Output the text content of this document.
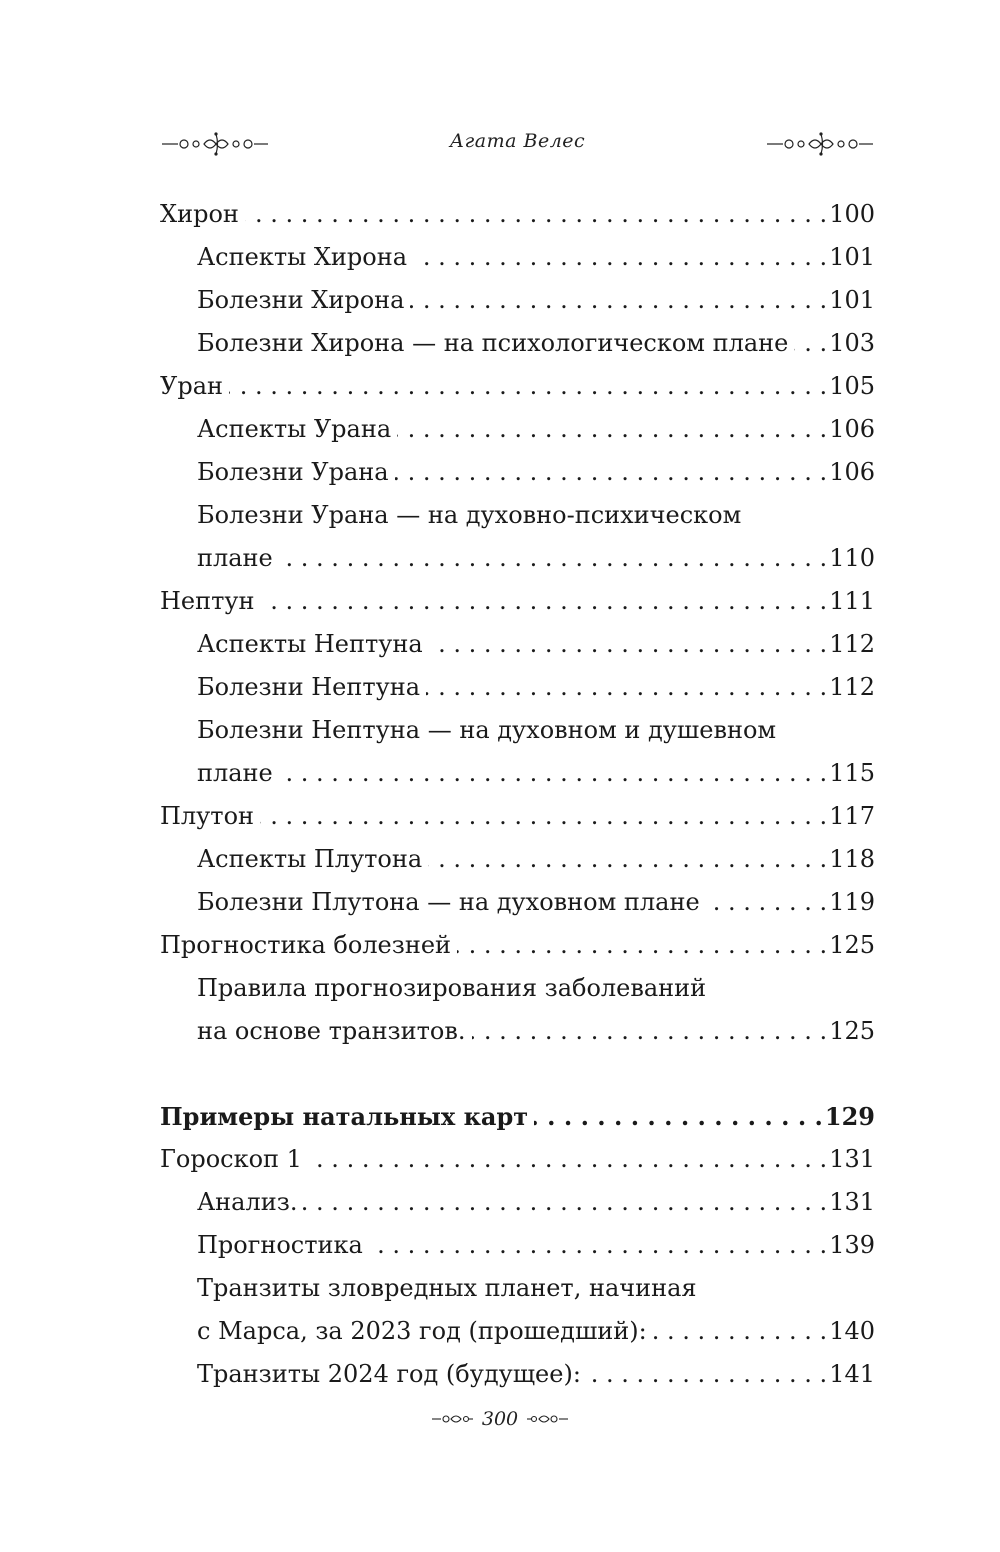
Агата Велес
Хирон . . .	100
Аспекты Хирона . . .	101
Болезни Хирона . . .	101
Болезни Хирона — на психологическом плане . . . 103
Уран . . .	105
Аспекты Урана . . .	106
Болезни Урана . . .	106
Болезни Урана — на духовно-психическом
плане . . .	110
Нептун . . .	111
Аспекты Нептуна . . .	112
Болезни Нептуна . . .	112
Болезни Нептуна — на духовном и душевном
плане . . .	115
Плутон . . .	117
Аспекты Плутона . . .	118
Болезни Плутона — на духовном плане . . .	119
Прогностика болезней . . .	125
Правила прогнозирования заболеваний
на основе транзитов. . . .	125
Примеры натальных карт . . .	129
Гороскоп 1 . . .	131
Анализ. . . .	131
Прогностика . . .	139
Транзиты зловредных планет, начиная
с Марса, за 2023 год (прошедший): . . .	140
Транзиты 2024 год (будущее): . . .	141
300
